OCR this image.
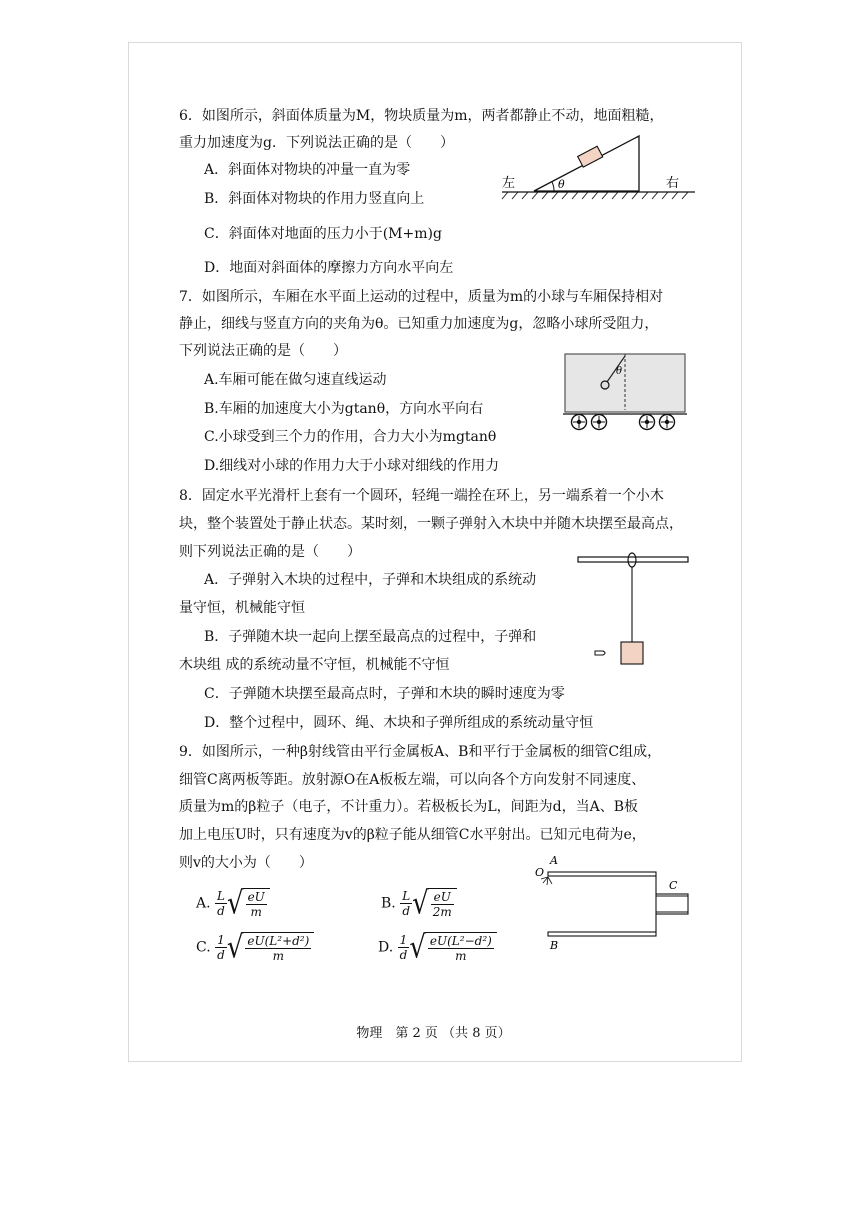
6．如图所示，斜面体质量为M，物块质量为m，两者都静止不动，地面粗糙，
重力加速度为g．下列说法正确的是（　　）
A．斜面体对物块的冲量一直为零
B．斜面体对物块的作用力竖直向上
C．斜面体对地面的压力小于(M+m)g
D．地面对斜面体的摩擦力方向水平向左
左	θ	右
7．如图所示，车厢在水平面上运动的过程中，质量为m的小球与车厢保持相对
静止，细线与竖直方向的夹角为θ。已知重力加速度为g，忽略小球所受阻力，
下列说法正确的是（　　）
A.车厢可能在做匀速直线运动
B.车厢的加速度大小为gtanθ，方向水平向右
C.小球受到三个力的作用，合力大小为mgtanθ
D.细线对小球的作用力大于小球对细线的作用力
θ
8．固定水平光滑杆上套有一个圆环，轻绳一端拴在环上，另一端系着一个小木
块，整个装置处于静止状态。某时刻，一颗子弹射入木块中并随木块摆至最高点，
则下列说法正确的是（　　）
A．子弹射入木块的过程中，子弹和木块组成的系统动
量守恒，机械能守恒
B．子弹随木块一起向上摆至最高点的过程中，子弹和
木块组 成的系统动量不守恒，机械能不守恒
C．子弹随木块摆至最高点时，子弹和木块的瞬时速度为零
D．整个过程中，圆环、绳、木块和子弹所组成的系统动量守恒
9．如图所示，一种β射线管由平行金属板A、B和平行于金属板的细管C组成，
细管C离两板等距。放射源O在A板板左端，可以向各个方向发射不同速度、
质量为m的β粒子（电子，不计重力）。若极板长为L，间距为d，当A、B板
加上电压U时，只有速度为v的β粒子能从细管C水平射出。已知元电荷为e，
则v的大小为（　　）
A. $\frac{L}{d}$ √ $\frac{eU}{m}$	B. $\frac{L}{d}$ √ $\frac{eU}{2m}$
C. $\frac{1}{d}$ √ $\frac{\text{eU(L²+d²)}}{m}$	D. $\frac{1}{d}$ √ $\frac{\text{eU(L²−d²)}}{m}$
O
A
B
C
物理　第 2 页 （共 8 页）
